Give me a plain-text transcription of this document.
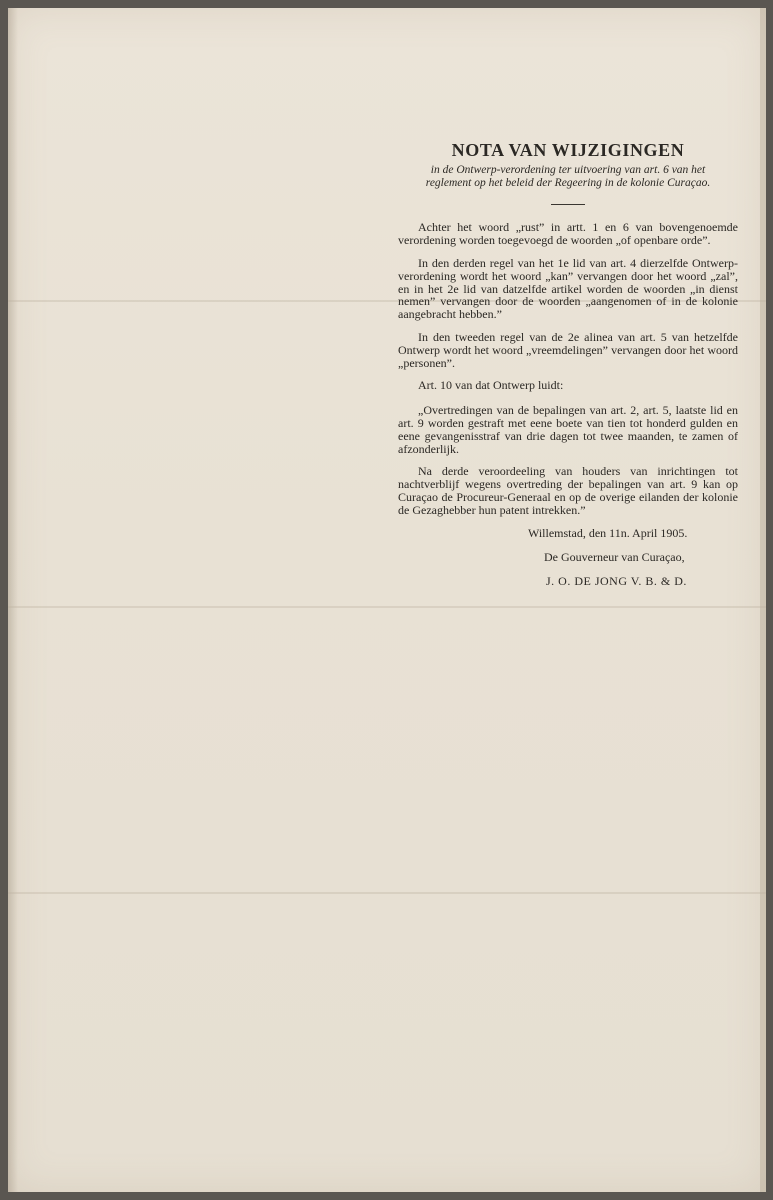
NOTA VAN WIJZIGINGEN

in de Ontwerp-verordening ter uitvoering van art. 6 van het

reglement op het beleid der Regeering in de kolonie Curaçao.

Achter het woord „rust” in artt. 1 en 6 van bovengenoemde verordening worden toegevoegd de woorden „of openbare orde”.

In den derden regel van het 1e lid van art. 4 dierzelfde Ontwerp-verordening wordt het woord „kan” vervangen door het woord „zal”, en in het 2e lid van datzelfde artikel worden de woorden „in dienst nemen” vervangen door de woorden „aangenomen of in de kolonie aangebracht hebben.”

In den tweeden regel van de 2e alinea van art. 5 van hetzelfde Ontwerp wordt het woord „vreemdelingen” vervangen door het woord „personen”.

Art. 10 van dat Ontwerp luidt:

„Overtredingen van de bepalingen van art. 2, art. 5, laatste lid en art. 9 worden gestraft met eene boete van tien tot honderd gulden en eene gevangenisstraf van drie dagen tot twee maanden, te zamen of afzonderlijk.

Na derde veroordeeling van houders van inrichtingen tot nachtverblijf wegens overtreding der bepalingen van art. 9 kan op Curaçao de Procureur-Generaal en op de overige eilanden der kolonie de Gezaghebber hun patent intrekken.”

Willemstad, den 11n. April 1905.

De Gouverneur van Curaçao,

J. O. DE JONG V. B. & D.
